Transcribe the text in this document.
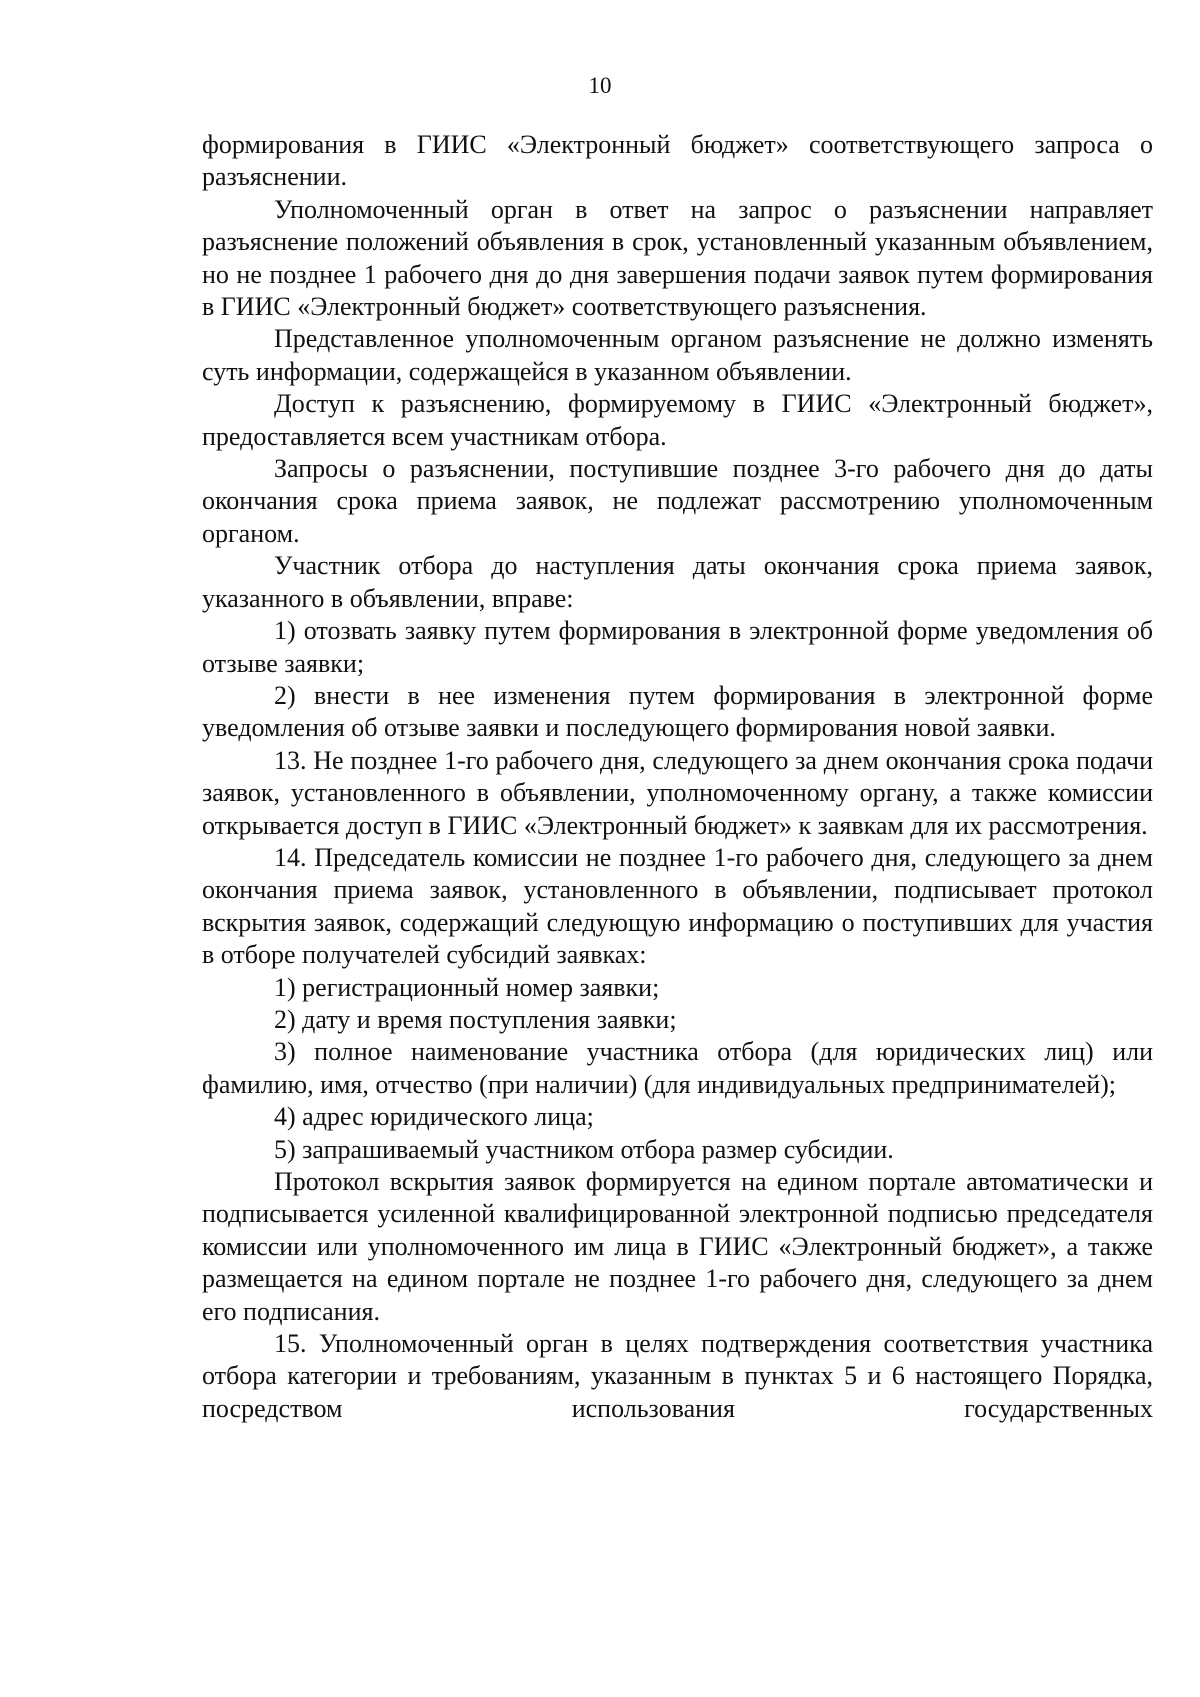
10

формирования в ГИИС «Электронный бюджет» соответствующего запроса о разъяснении.

Уполномоченный орган в ответ на запрос о разъяснении направляет разъяснение положений объявления в срок, установленный указанным объявлением, но не позднее 1 рабочего дня до дня завершения подачи заявок путем формирования в ГИИС «Электронный бюджет» соответствующего разъяснения.

Представленное уполномоченным органом разъяснение не должно изменять суть информации, содержащейся в указанном объявлении.

Доступ к разъяснению, формируемому в ГИИС «Электронный бюджет», предоставляется всем участникам отбора.

Запросы о разъяснении, поступившие позднее 3-го рабочего дня до даты окончания срока приема заявок, не подлежат рассмотрению уполномоченным органом.

Участник отбора до наступления даты окончания срока приема заявок, указанного в объявлении, вправе:

1) отозвать заявку путем формирования в электронной форме уведомления об отзыве заявки;

2) внести в нее изменения путем формирования в электронной форме уведомления об отзыве заявки и последующего формирования новой заявки.

13. Не позднее 1-го рабочего дня, следующего за днем окончания срока подачи заявок, установленного в объявлении, уполномоченному органу, а также комиссии открывается доступ в ГИИС «Электронный бюджет» к заявкам для их рассмотрения.

14. Председатель комиссии не позднее 1-го рабочего дня, следующего за днем окончания приема заявок, установленного в объявлении, подписывает протокол вскрытия заявок, содержащий следующую информацию о поступивших для участия в отборе получателей субсидий заявках:

1) регистрационный номер заявки;

2) дату и время поступления заявки;

3) полное наименование участника отбора (для юридических лиц) или фамилию, имя, отчество (при наличии) (для индивидуальных предпринимателей);

4) адрес юридического лица;

5) запрашиваемый участником отбора размер субсидии.

Протокол вскрытия заявок формируется на едином портале автоматически и подписывается усиленной квалифицированной электронной подписью председателя комиссии или уполномоченного им лица в ГИИС «Электронный бюджет», а также размещается на едином портале не позднее 1-го рабочего дня, следующего за днем его подписания.

15. Уполномоченный орган в целях подтверждения соответствия участника отбора категории и требованиям, указанным в пунктах 5 и 6 настоящего Порядка, посредством использования государственных
